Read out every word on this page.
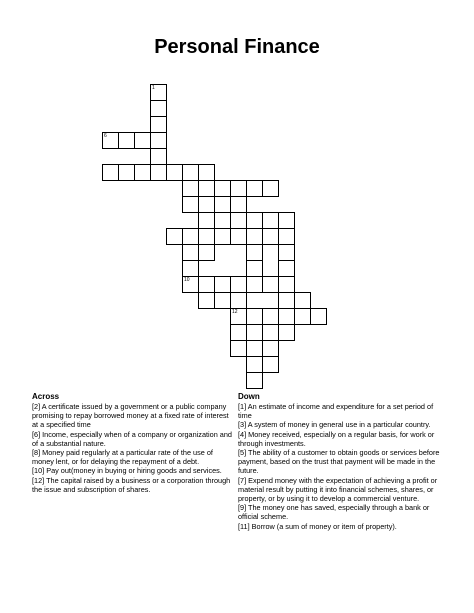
Personal Finance
6
1
10
12
Across
[2] A certificate issued by a government or a public company promising to repay borrowed money at a fixed rate of interest at a specified time
[6] Income, especially when of a company or organization and of a substantial nature.
[8] Money paid regularly at a particular rate of the use of money lent, or for delaying the repayment of a debt.
[10] Pay out(money in buying or hiring goods and services.
[12] The capital raised by a business or a corporation through the issue and subscription of shares.
Down
[1] An estimate of income and expenditure for a set period of time
[3] A system of money in general use in a particular country.
[4] Money received, especially on a regular basis, for work or through investments.
[5] The ability of a customer to obtain goods or services before payment, based on the trust that payment will be made in the future.
[7] Expend money with the expectation of achieving a profit or material result by putting it into financial schemes, shares, or property, or by using it to develop a commercial venture.
[9] The money one has saved, especially through a bank or official scheme.
[11] Borrow (a sum of money or item of property).
